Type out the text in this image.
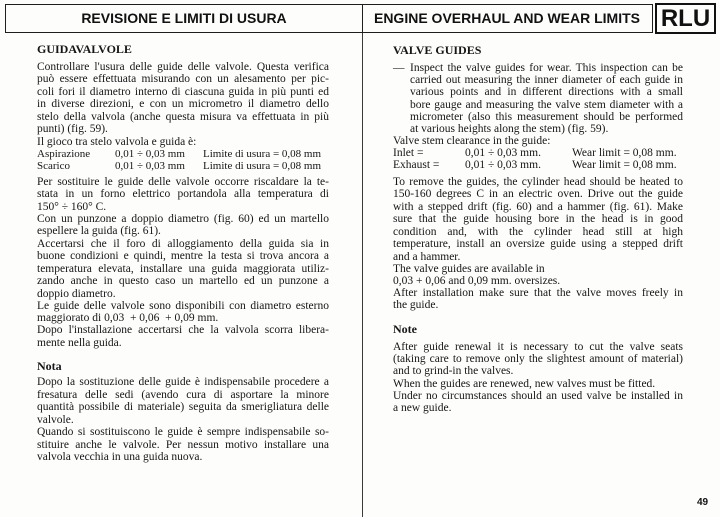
REVISIONE E LIMITI DI USURA	ENGINE OVERHAUL AND WEAR LIMITS RLU
GUIDAVALVOLE
Controllare l'usura delle guide delle valvole. Questa verifica
può essere effettuata misurando con un alesamento per pic-
coli fori il diametro interno di ciascuna guida in più punti ed
in diverse direzioni, e con un micrometro il diametro dello
stelo della valvola (anche questa misura va effettuata in più
punti) (fig. 59).
Il gioco tra stelo valvola e guida è:
Aspirazione 0,01 ÷ 0,03 mm Limite di usura = 0,08 mm
Scarico	0,01 ÷ 0,03 mm Limite di usura = 0,08 mm
Per sostituire le guide delle valvole occorre riscaldare la te-
stata in un forno elettrico portandola alla temperatura di
150° ÷ 160° C.
Con un punzone a doppio diametro (fig. 60) ed un martello
espellere la guida (fig. 61).
Accertarsi che il foro di alloggiamento della guida sia in
buone condizioni e quindi, mentre la testa si trova ancora a
temperatura elevata, installare una guida maggiorata utiliz-
zando anche in questo caso un martello ed un punzone a
doppio diametro.
Le guide delle valvole sono disponibili con diametro esterno
maggiorato di 0,03  + 0,06  + 0,09 mm.
Dopo l'installazione accertarsi che la valvola scorra libera-
mente nella guida.
Nota
Dopo la sostituzione delle guide è indispensabile procedere a
fresatura delle sedi (avendo cura di asportare la minore
quantità possibile di materiale) seguita da smerigliatura delle
valvole.
Quando si sostituiscono le guide è sempre indispensabile so-
stituire anche le valvole. Per nessun motivo installare una
valvola vecchia in una guida nuova.
VALVE GUIDES
— Inspect the valve guides for wear. This inspection can be
carried out measuring the inner diameter of each guide in
various points and in different directions with a small
bore gauge and measuring the valve stem diameter with a
micrometer (also this measurement should be performed
at various heights along the stem) (fig. 59).
Valve stem clearance in the guide:
Inlet =	0,01 ÷ 0,03 mm.	Wear limit = 0,08 mm.
Exhaust = 0,01 ÷ 0,03 mm.	Wear limit = 0,08 mm.
To remove the guides, the cylinder head should be heated to
150-160 degrees C in an electric oven. Drive out the guide
with a stepped drift (fig. 60) and a hammer (fig. 61). Make
sure that the guide housing bore in the head is in good
condition and, with the cylinder head still at high
temperature, install an oversize guide using a stepped drift
and a hammer.
The valve guides are available in
0,03 + 0,06 and 0,09 mm. oversizes.
After installation make sure that the valve moves freely in
the guide.
Note
After guide renewal it is necessary to cut the valve seats
(taking care to remove only the slightest amount of material)
and to grind-in the valves.
When the guides are renewed, new valves must be fitted.
Under no circumstances should an used valve be installed in
a new guide.
49
